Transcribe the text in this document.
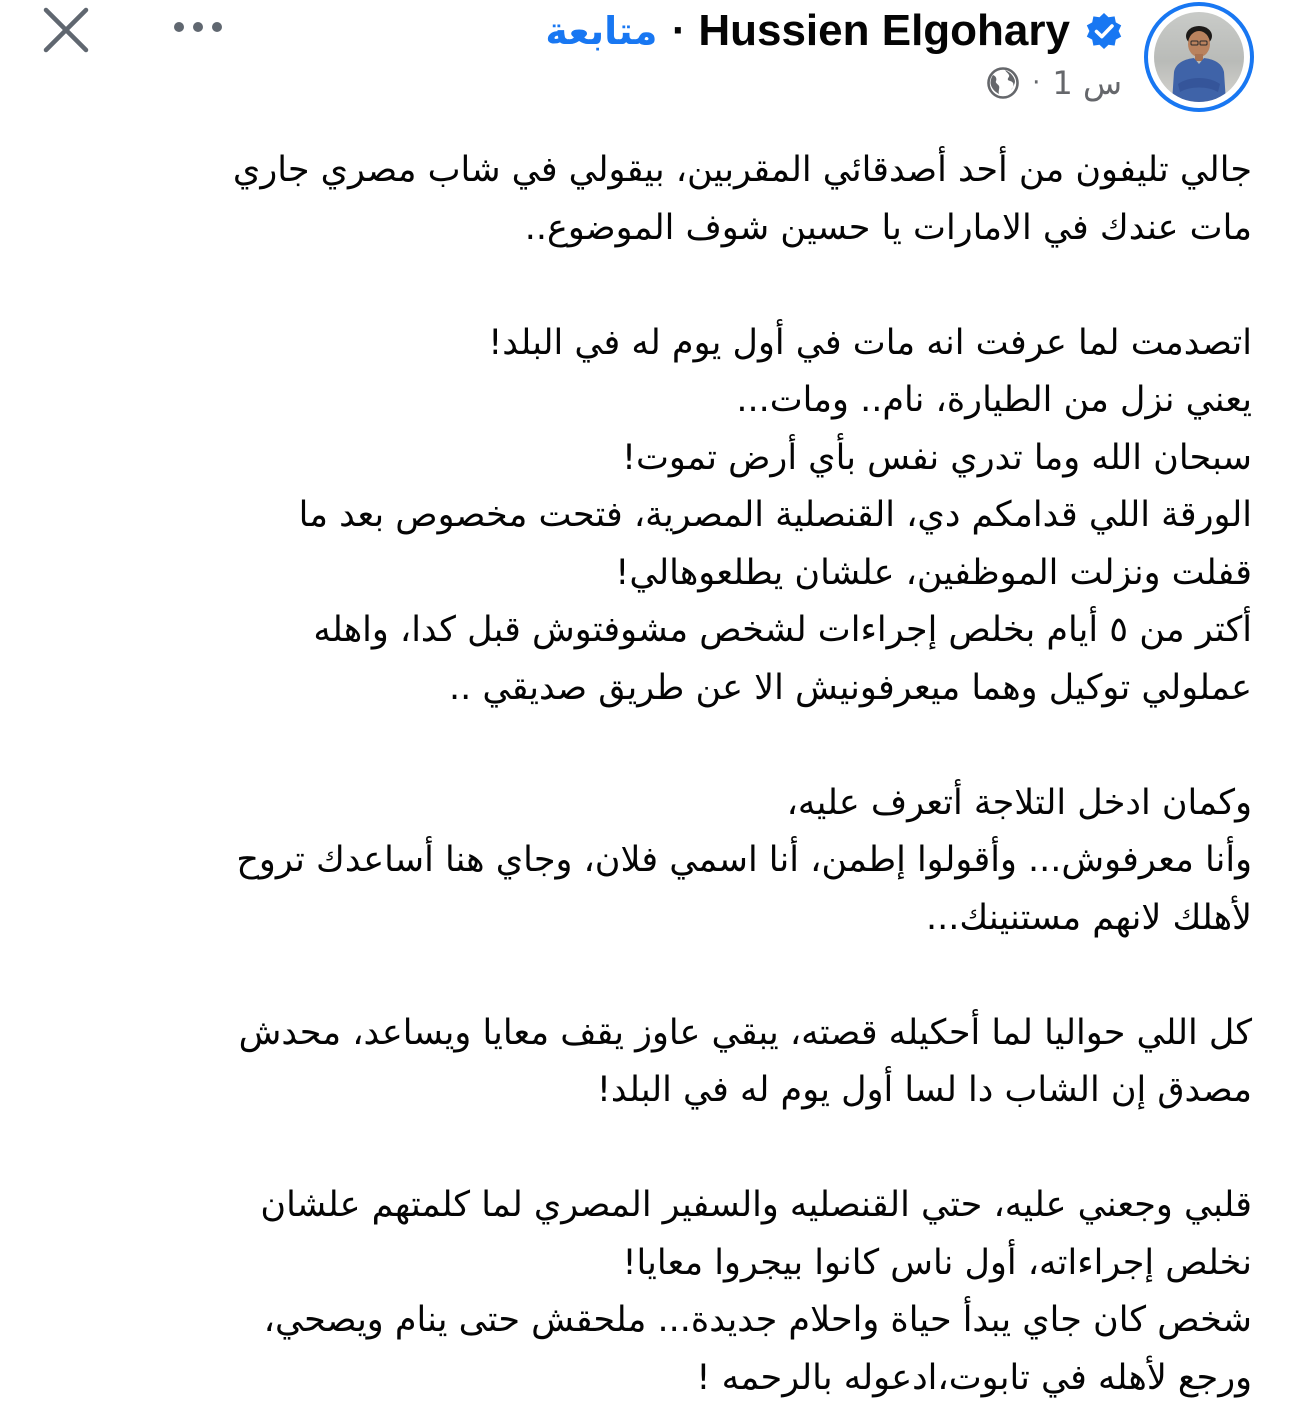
متابعة · Hussien Elgohary
· 1 س
جالي تليفون من أحد أصدقائي المقربين، بيقولي في شاب مصري جاري
مات عندك في الامارات يا حسين شوف الموضوع..
اتصدمت لما عرفت انه مات في أول يوم له في البلد!
يعني نزل من الطيارة، نام.. ومات...
سبحان الله وما تدري نفس بأي أرض تموت!
الورقة اللي قدامكم دي، القنصلية المصرية، فتحت مخصوص بعد ما
قفلت ونزلت الموظفين، علشان يطلعوهالي!
أكتر من ٥ أيام بخلص إجراءات لشخص مشوفتوش قبل كدا، واهله
عملولي توكيل وهما ميعرفونيش الا عن طريق صديقي ..
وكمان ادخل التلاجة أتعرف عليه،
وأنا معرفوش... وأقولوا إطمن، أنا اسمي فلان، وجاي هنا أساعدك تروح
لأهلك لانهم مستنينك...
كل اللي حواليا لما أحكيله قصته، يبقي عاوز يقف معايا ويساعد، محدش
مصدق إن الشاب دا لسا أول يوم له في البلد!
قلبي وجعني عليه، حتي القنصليه والسفير المصري لما كلمتهم علشان
نخلص إجراءاته، أول ناس كانوا بيجروا معايا!
شخص كان جاي يبدأ حياة واحلام جديدة... ملحقش حتى ينام ويصحي،
ورجع لأهله في تابوت،ادعوله بالرحمه !
